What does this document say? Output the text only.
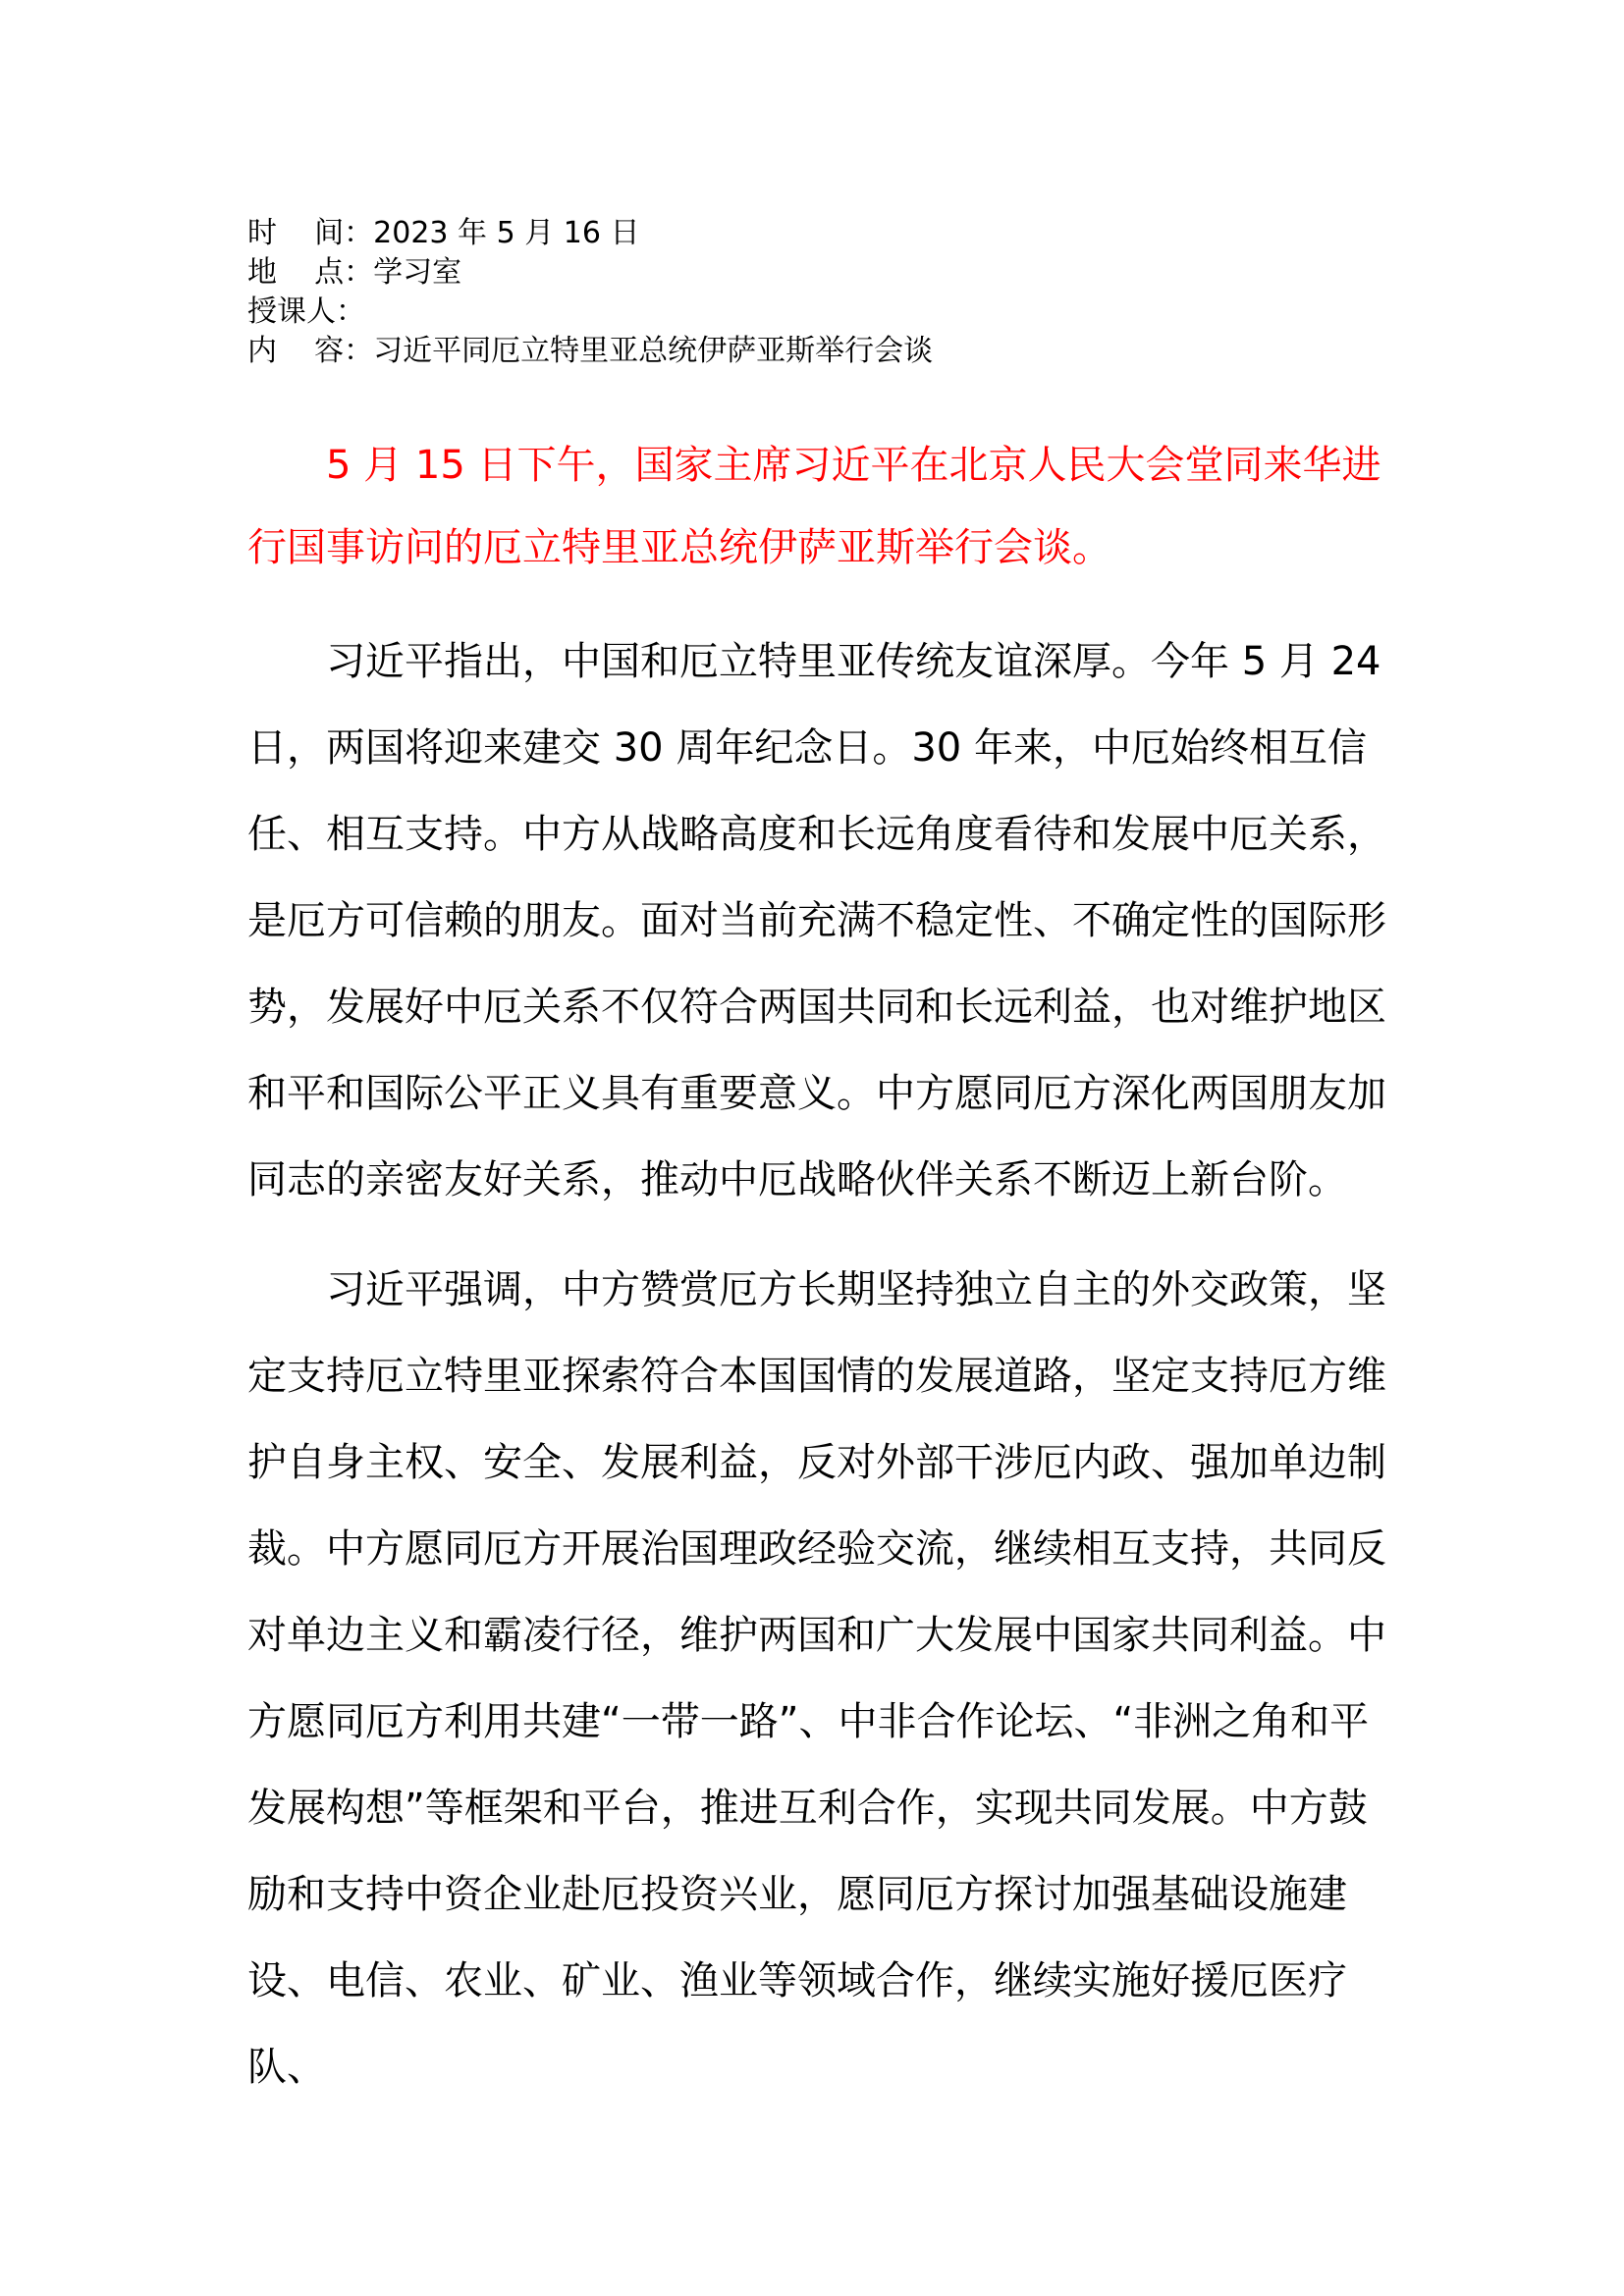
时    间：2023 年 5 月 16 日
地    点：学习室
授课人：
内    容：习近平同厄立特里亚总统伊萨亚斯举行会谈

5 月 15 日下午，国家主席习近平在北京人民大会堂同来华进行国事访问的厄立特里亚总统伊萨亚斯举行会谈。

习近平指出，中国和厄立特里亚传统友谊深厚。今年 5 月 24 日，两国将迎来建交 30 周年纪念日。30 年来，中厄始终相互信任、相互支持。中方从战略高度和长远角度看待和发展中厄关系，是厄方可信赖的朋友。面对当前充满不稳定性、不确定性的国际形势，发展好中厄关系不仅符合两国共同和长远利益，也对维护地区和平和国际公平正义具有重要意义。中方愿同厄方深化两国朋友加同志的亲密友好关系，推动中厄战略伙伴关系不断迈上新台阶。

习近平强调，中方赞赏厄方长期坚持独立自主的外交政策，坚定支持厄立特里亚探索符合本国国情的发展道路，坚定支持厄方维护自身主权、安全、发展利益，反对外部干涉厄内政、强加单边制裁。中方愿同厄方开展治国理政经验交流，继续相互支持，共同反对单边主义和霸凌行径，维护两国和广大发展中国家共同利益。中方愿同厄方利用共建“一带一路”、中非合作论坛、“非洲之角和平发展构想”等框架和平台，推进互利合作，实现共同发展。中方鼓励和支持中资企业赴厄投资兴业，愿同厄方探讨加强基础设施建设、电信、农业、矿业、渔业等领域合作，继续实施好援厄医疗队、
